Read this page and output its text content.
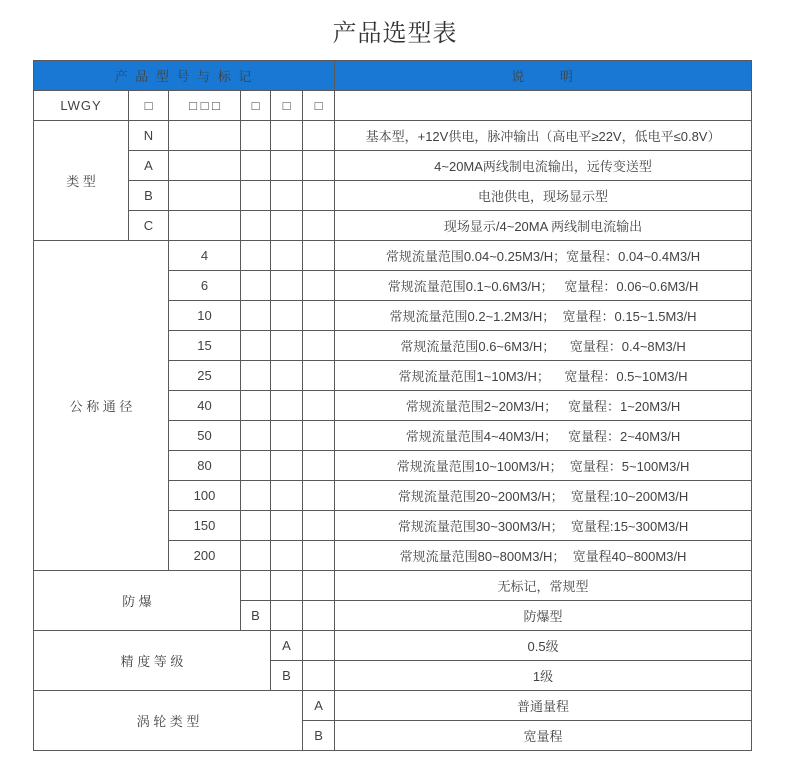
产品选型表
产 品 型 号 与 标 记						说      明
LWGY	□	□ □ □	□	□	□	
类 型	N					基本型，+12V供电，脉冲输出（高电平≥22V，低电平≤0.8V）
	A					4~20MA两线制电流输出，远传变送型
	B					电池供电，现场显示型
	C					现场显示/4~20MA 两线制电流输出
公 称 通 径		4				常规流量范围0.04~0.25M3/H；宽量程：0.04~0.4M3/H
		6				常规流量范围0.1~0.6M3/H；   宽量程：0.06~0.6M3/H
		10				常规流量范围0.2~1.2M3/H；  宽量程：0.15~1.5M3/H
		15				常规流量范围0.6~6M3/H；    宽量程：0.4~8M3/H
		25				常规流量范围1~10M3/H；    宽量程：0.5~10M3/H
		40				常规流量范围2~20M3/H；   宽量程：1~20M3/H
		50				常规流量范围4~40M3/H；   宽量程：2~40M3/H
		80				常规流量范围10~100M3/H；  宽量程：5~100M3/H
		100				常规流量范围20~200M3/H；  宽量程:10~200M3/H
		150				常规流量范围30~300M3/H；  宽量程:15~300M3/H
		200				常规流量范围80~800M3/H；  宽量程40~800M3/H
防 爆						无标记，常规型
			B			防爆型
精 度 等 级				A		0.5级
				B		1级
涡 轮 类 型					A	普通量程
					B	宽量程
